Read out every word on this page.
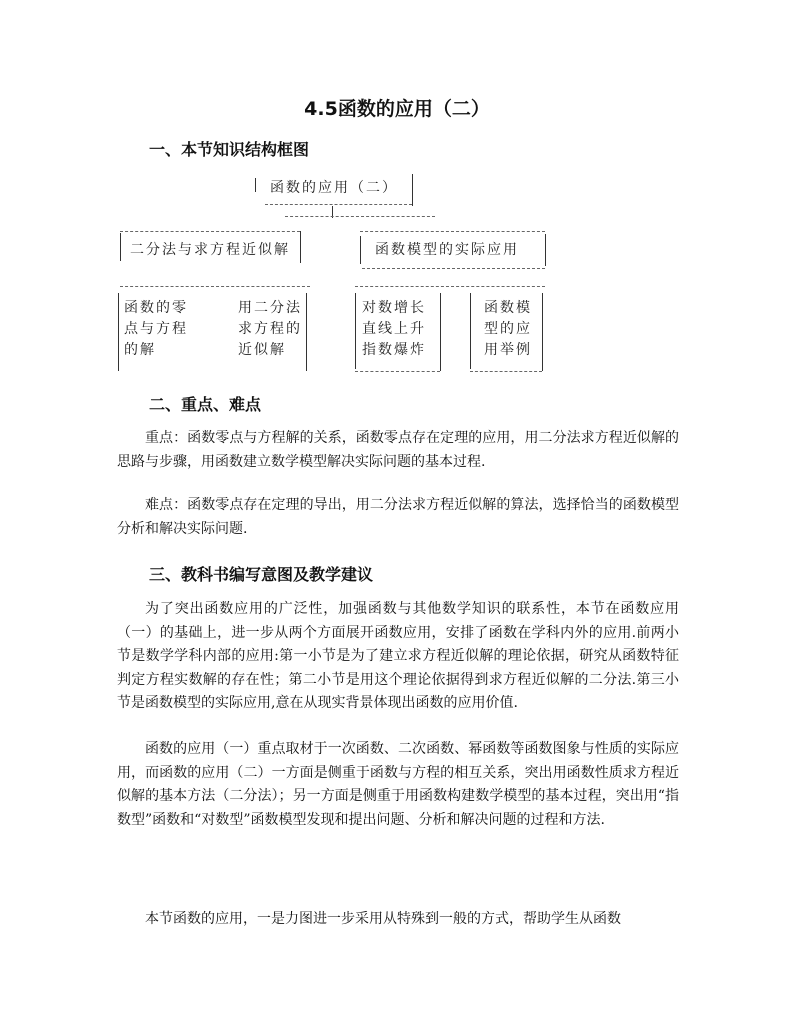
4.5函数的应用（二）
一、本节知识结构框图
函数的应用（二）
二分法与求方程近似解	函数模型的实际应用
函数的零
点与方程
的解
用二分法
求方程的
近似解
对数增长
直线上升
指数爆炸
函数模
型的应
用举例
二、重点、难点

重点：函数零点与方程解的关系，函数零点存在定理的应用，用二分法求方程近似解的思路与步骤，用函数建立数学模型解决实际问题的基本过程.

难点：函数零点存在定理的导出，用二分法求方程近似解的算法，选择恰当的函数模型分析和解决实际问题.

三、教科书编写意图及教学建议

为了突出函数应用的广泛性，加强函数与其他数学知识的联系性，本节在函数应用（一）的基础上，进一步从两个方面展开函数应用，安排了函数在学科内外的应用.前两小节是数学学科内部的应用:第一小节是为了建立求方程近似解的理论依据，研究从函数特征判定方程实数解的存在性；第二小节是用这个理论依据得到求方程近似解的二分法.第三小节是函数模型的实际应用,意在从现实背景体现出函数的应用价值.

函数的应用（一）重点取材于一次函数、二次函数、幂函数等函数图象与性质的实际应用，而函数的应用（二）一方面是侧重于函数与方程的相互关系，突出用函数性质求方程近似解的基本方法（二分法）；另一方面是侧重于用函数构建数学模型的基本过程，突出用“指数型”函数和“对数型”函数模型发现和提出问题、分析和解决问题的过程和方法.

本节函数的应用，一是力图进一步采用从特殊到一般的方式，帮助学生从函数
